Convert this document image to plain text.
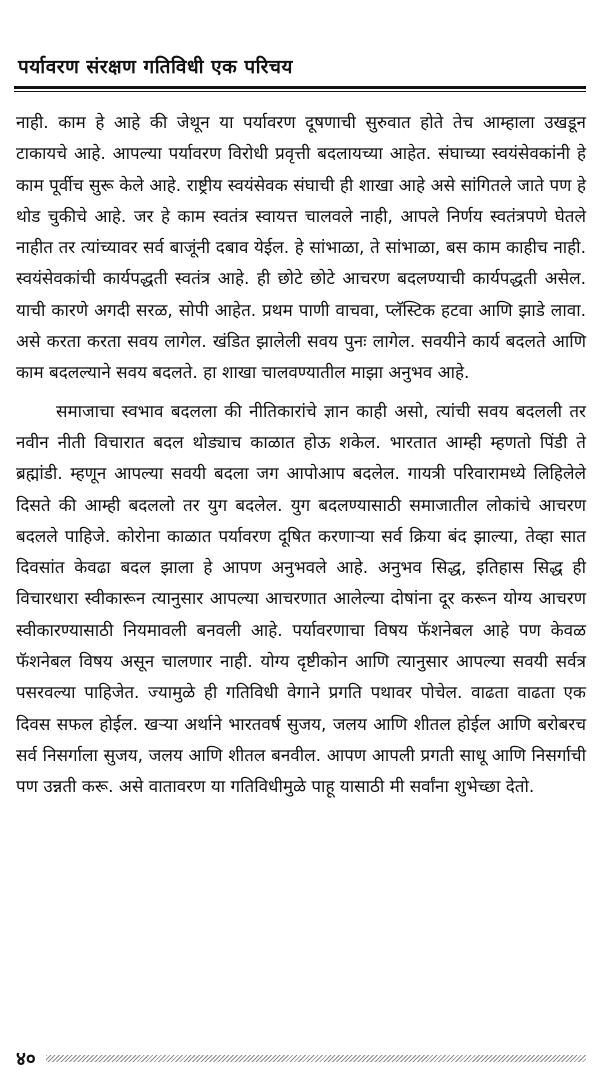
पर्यावरण संरक्षण गतिविधी एक परिचय

नाही. काम हे आहे की जेथून या पर्यावरण दूषणाची सुरुवात होते तेच आम्हाला उखडून टाकायचे आहे. आपल्या पर्यावरण विरोधी प्रवृत्ती बदलायच्या आहेत. संघाच्या स्वयंसेवकांनी हे काम पूर्वीच सुरू केले आहे. राष्ट्रीय स्वयंसेवक संघाची ही शाखा आहे असे सांगितले जाते पण हे थोड चुकीचे आहे. जर हे काम स्वतंत्र स्वायत्त चालवले नाही, आपले निर्णय स्वतंत्रपणे घेतले नाहीत तर त्यांच्यावर सर्व बाजूंनी दबाव येईल. हे सांभाळा, ते सांभाळा, बस काम काहीच नाही. स्वयंसेवकांची कार्यपद्धती स्वतंत्र आहे. ही छोटे छोटे आचरण बदलण्याची कार्यपद्धती असेल. याची कारणे अगदी सरळ, सोपी आहेत. प्रथम पाणी वाचवा, प्लॅस्टिक हटवा आणि झाडे लावा. असे करता करता सवय लागेल. खंडित झालेली सवय पुनः लागेल. सवयीने कार्य बदलते आणि काम बदलल्याने सवय बदलते. हा शाखा चालवण्यातील माझा अनुभव आहे.

समाजाचा स्वभाव बदलला की नीतिकारांचे ज्ञान काही असो, त्यांची सवय बदलली तर नवीन नीती विचारात बदल थोड्याच काळात होऊ शकेल. भारतात आम्ही म्हणतो पिंडी ते ब्रह्मांडी. म्हणून आपल्या सवयी बदला जग आपोआप बदलेल. गायत्री परिवारामध्ये लिहिलेले दिसते की आम्ही बदललो तर युग बदलेल. युग बदलण्यासाठी समाजातील लोकांचे आचरण बदलले पाहिजे. कोरोना काळात पर्यावरण दूषित करणाऱ्या सर्व क्रिया बंद झाल्या, तेव्हा सात दिवसांत केवढा बदल झाला हे आपण अनुभवले आहे. अनुभव सिद्ध, इतिहास सिद्ध ही विचारधारा स्वीकारून त्यानुसार आपल्या आचरणात आलेल्या दोषांना दूर करून योग्य आचरण स्वीकारण्यासाठी नियमावली बनवली आहे. पर्यावरणाचा विषय फॅशनेबल आहे पण केवळ फॅशनेबल विषय असून चालणार नाही. योग्य दृष्टीकोन आणि त्यानुसार आपल्या सवयी सर्वत्र पसरवल्या पाहिजेत. ज्यामुळे ही गतिविधी वेगाने प्रगति पथावर पोचेल. वाढता वाढता एक दिवस सफल होईल. खऱ्या अर्थाने भारतवर्ष सुजय, जलय आणि शीतल होईल आणि बरोबरच सर्व निसर्गाला सुजय, जलय आणि शीतल बनवील. आपण आपली प्रगती साधू आणि निसर्गाची पण उन्नती करू. असे वातावरण या गतिविधीमुळे पाहू यासाठी मी सर्वांना शुभेच्छा देतो.

४०
